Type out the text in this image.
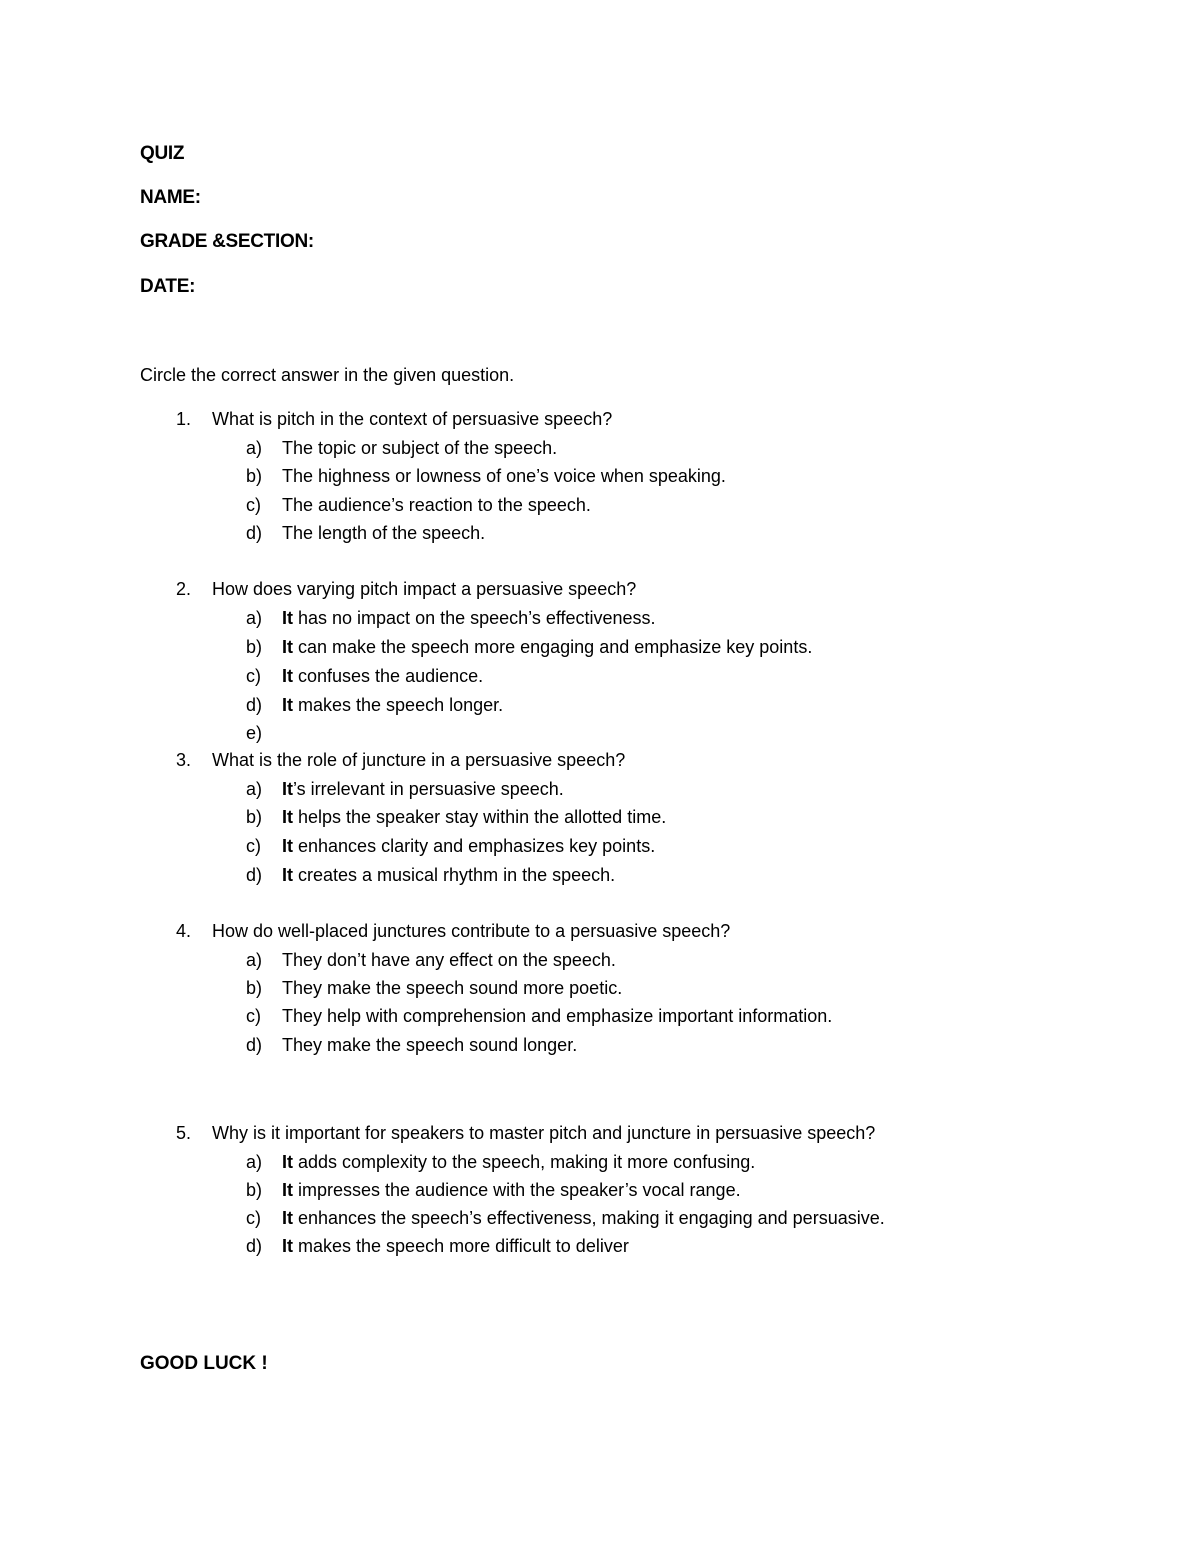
QUIZ
NAME:
GRADE &SECTION:
DATE:
Circle the correct answer in the given question.
1. What is pitch in the context of persuasive speech?
a) The topic or subject of the speech.
b) The highness or lowness of one’s voice when speaking.
c) The audience’s reaction to the speech.
d) The length of the speech.
2. How does varying pitch impact a persuasive speech?
a) It has no impact on the speech’s effectiveness.
b) It can make the speech more engaging and emphasize key points.
c) It confuses the audience.
d) It makes the speech longer.
e)
3. What is the role of juncture in a persuasive speech?
a) It’s irrelevant in persuasive speech.
b) It helps the speaker stay within the allotted time.
c) It enhances clarity and emphasizes key points.
d) It creates a musical rhythm in the speech.
4. How do well-placed junctures contribute to a persuasive speech?
a) They don’t have any effect on the speech.
b) They make the speech sound more poetic.
c) They help with comprehension and emphasize important information.
d) They make the speech sound longer.
5. Why is it important for speakers to master pitch and juncture in persuasive speech?
a) It adds complexity to the speech, making it more confusing.
b) It impresses the audience with the speaker’s vocal range.
c) It enhances the speech’s effectiveness, making it engaging and persuasive.
d) It makes the speech more difficult to deliver
GOOD LUCK !
